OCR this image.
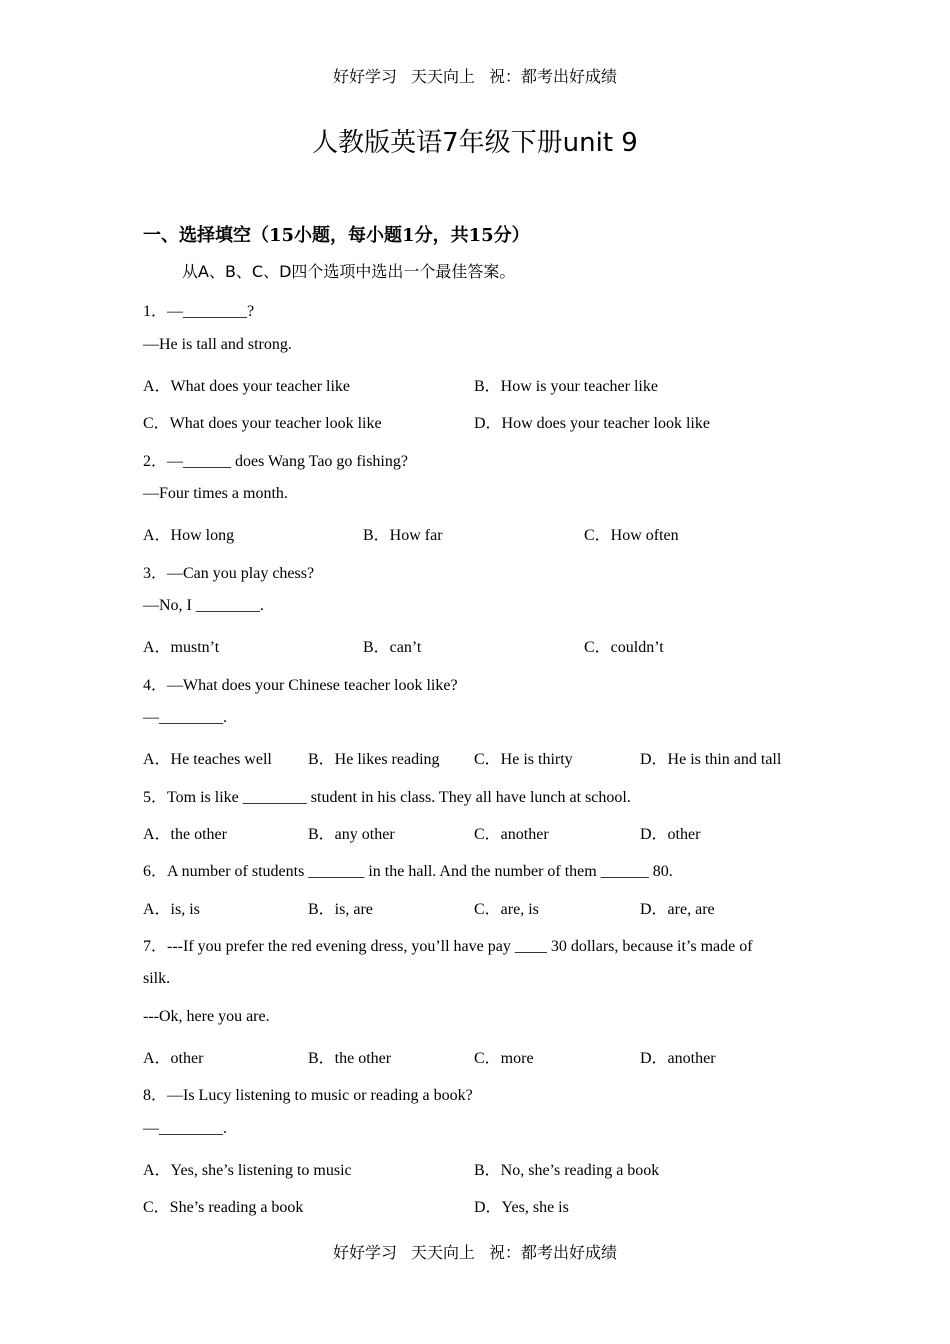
好好学习 天天向上 祝：都考出好成绩
人教版英语7年级下册unit 9
一、选择填空（15小题，每小题1分，共15分）
从A、B、C、D四个选项中选出一个最佳答案。
1．—________?
—He is tall and strong.
A．What does your teacher like	B．How is your teacher like
C．What does your teacher look like	D．How does your teacher look like
2．—______ does Wang Tao go fishing?
—Four times a month.
A．How long	B．How far	C．How often
3．—Can you play chess?
—No, I ________.
A．mustn’t	B．can’t	C．couldn’t
4．—What does your Chinese teacher look like?
—________.
A．He teaches well B．He likes reading C．He is thirty	D．He is thin and tall
5．Tom is like ________ student in his class. They all have lunch at school.
A．the other	B．any other	C．another	D．other
6．A number of students _______ in the hall. And the number of them ______ 80.
A．is, is	B．is, are	C．are, is	D．are, are
7．---If you prefer the red evening dress, you’ll have pay ____ 30 dollars, because it’s made of
silk.
---Ok, here you are.
A．other	B．the other	C．more	D．another
8．—Is Lucy listening to music or reading a book?
—________.
A．Yes, she’s listening to music	B．No, she’s reading a book
C．She’s reading a book	D．Yes, she is
好好学习 天天向上 祝：都考出好成绩
